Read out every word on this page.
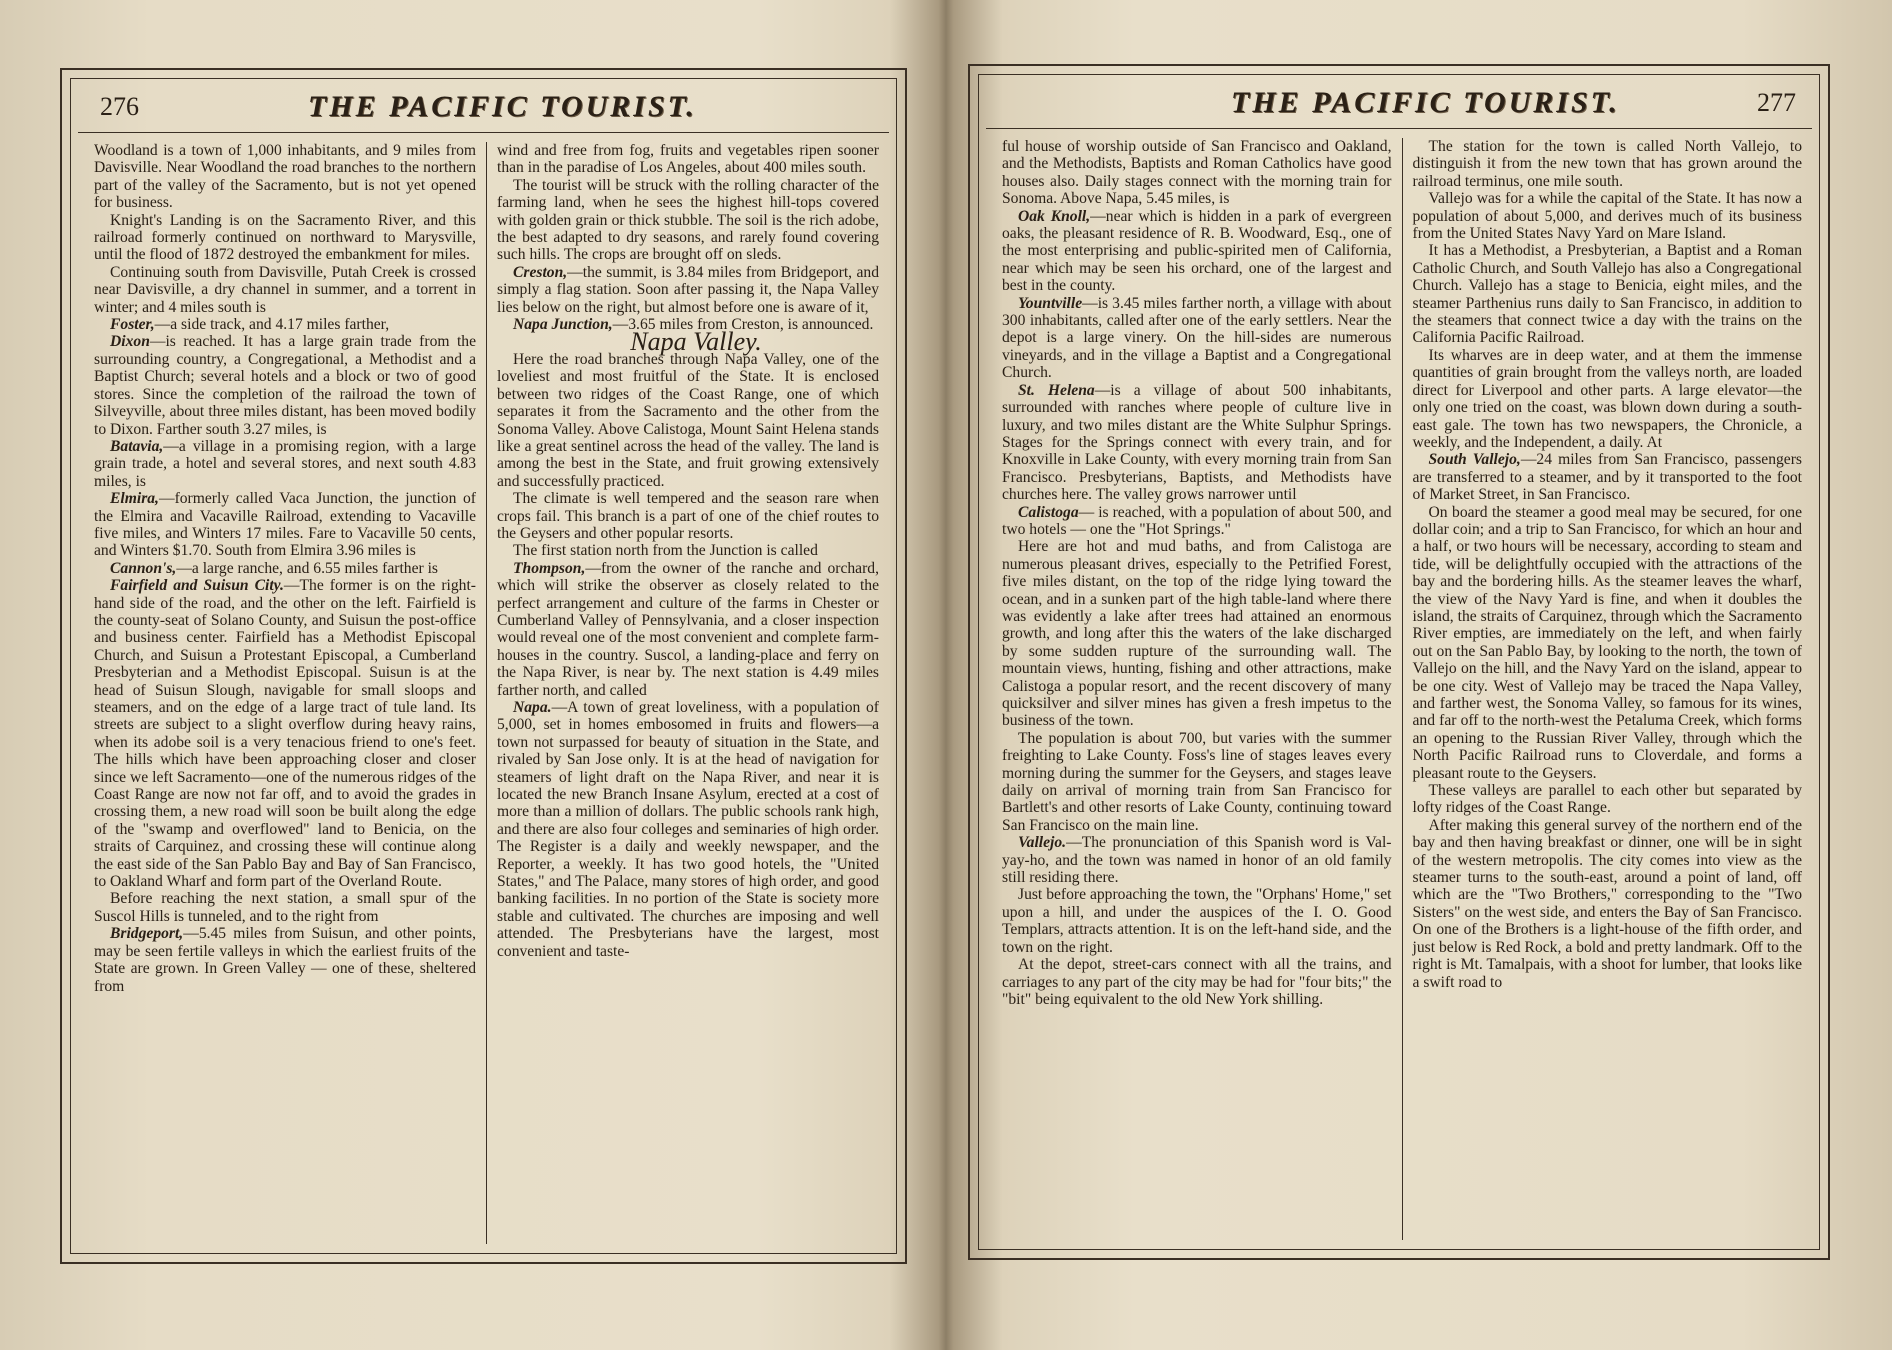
276	THE PACIFIC TOURIST.

Woodland is a town of 1,000 inhabitants, and 9 miles from Davisville. Near Woodland the road branches to the northern part of the valley of the Sacramento, but is not yet opened for business.

Knight's Landing is on the Sacramento River, and this railroad formerly continued on northward to Marysville, until the flood of 1872 destroyed the embankment for miles.

Continuing south from Davisville, Putah Creek is crossed near Davisville, a dry channel in summer, and a torrent in winter; and 4 miles south is

Foster,—a side track, and 4.17 miles farther,

Dixon—is reached. It has a large grain trade from the surrounding country, a Congregational, a Methodist and a Baptist Church; several hotels and a block or two of good stores. Since the completion of the railroad the town of Silveyville, about three miles distant, has been moved bodily to Dixon. Farther south 3.27 miles, is

Batavia,—a village in a promising region, with a large grain trade, a hotel and several stores, and next south 4.83 miles, is

Elmira,—formerly called Vaca Junction, the junction of the Elmira and Vacaville Railroad, extending to Vacaville five miles, and Winters 17 miles. Fare to Vacaville 50 cents, and Winters $1.70. South from Elmira 3.96 miles is

Cannon's,—a large ranche, and 6.55 miles farther is

Fairfield and Suisun City.—The former is on the right-hand side of the road, and the other on the left. Fairfield is the county-seat of Solano County, and Suisun the post-office and business center. Fairfield has a Methodist Episcopal Church, and Suisun a Protestant Episcopal, a Cumberland Presbyterian and a Methodist Episcopal. Suisun is at the head of Suisun Slough, navigable for small sloops and steamers, and on the edge of a large tract of tule land. Its streets are subject to a slight overflow during heavy rains, when its adobe soil is a very tenacious friend to one's feet. The hills which have been approaching closer and closer since we left Sacramento—one of the numerous ridges of the Coast Range are now not far off, and to avoid the grades in crossing them, a new road will soon be built along the edge of the "swamp and overflowed" land to Benicia, on the straits of Carquinez, and crossing these will continue along the east side of the San Pablo Bay and Bay of San Francisco, to Oakland Wharf and form part of the Overland Route.

Before reaching the next station, a small spur of the Suscol Hills is tunneled, and to the right from

Bridgeport,—5.45 miles from Suisun, and other points, may be seen fertile valleys in which the earliest fruits of the State are grown. In Green Valley — one of these, sheltered from

wind and free from fog, fruits and vegetables ripen sooner than in the paradise of Los Angeles, about 400 miles south.

The tourist will be struck with the rolling character of the farming land, when he sees the highest hill-tops covered with golden grain or thick stubble. The soil is the rich adobe, the best adapted to dry seasons, and rarely found covering such hills. The crops are brought off on sleds.

Creston,—the summit, is 3.84 miles from Bridgeport, and simply a flag station. Soon after passing it, the Napa Valley lies below on the right, but almost before one is aware of it,

Napa Junction,—3.65 miles from Creston, is announced.

Napa Valley.

Here the road branches through Napa Valley, one of the loveliest and most fruitful of the State. It is enclosed between two ridges of the Coast Range, one of which separates it from the Sacramento and the other from the Sonoma Valley. Above Calistoga, Mount Saint Helena stands like a great sentinel across the head of the valley. The land is among the best in the State, and fruit growing extensively and successfully practiced.

The climate is well tempered and the season rare when crops fail. This branch is a part of one of the chief routes to the Geysers and other popular resorts.

The first station north from the Junction is called

Thompson,—from the owner of the ranche and orchard, which will strike the observer as closely related to the perfect arrangement and culture of the farms in Chester or Cumberland Valley of Pennsylvania, and a closer inspection would reveal one of the most convenient and complete farm-houses in the country. Suscol, a landing-place and ferry on the Napa River, is near by. The next station is 4.49 miles farther north, and called

Napa.—A town of great loveliness, with a population of 5,000, set in homes embosomed in fruits and flowers—a town not surpassed for beauty of situation in the State, and rivaled by San Jose only. It is at the head of navigation for steamers of light draft on the Napa River, and near it is located the new Branch Insane Asylum, erected at a cost of more than a million of dollars. The public schools rank high, and there are also four colleges and seminaries of high order. The Register is a daily and weekly newspaper, and the Reporter, a weekly. It has two good hotels, the "United States," and The Palace, many stores of high order, and good banking facilities. In no portion of the State is society more stable and cultivated. The churches are imposing and well attended. The Presbyterians have the largest, most convenient and taste-

THE PACIFIC TOURIST.	277

ful house of worship outside of San Francisco and Oakland, and the Methodists, Baptists and Roman Catholics have good houses also. Daily stages connect with the morning train for Sonoma. Above Napa, 5.45 miles, is

Oak Knoll,—near which is hidden in a park of evergreen oaks, the pleasant residence of R. B. Woodward, Esq., one of the most enterprising and public-spirited men of California, near which may be seen his orchard, one of the largest and best in the county.

Yountville—is 3.45 miles farther north, a village with about 300 inhabitants, called after one of the early settlers. Near the depot is a large vinery. On the hill-sides are numerous vineyards, and in the village a Baptist and a Congregational Church.

St. Helena—is a village of about 500 inhabitants, surrounded with ranches where people of culture live in luxury, and two miles distant are the White Sulphur Springs. Stages for the Springs connect with every train, and for Knoxville in Lake County, with every morning train from San Francisco. Presbyterians, Baptists, and Methodists have churches here. The valley grows narrower until

Calistoga— is reached, with a population of about 500, and two hotels — one the "Hot Springs."

Here are hot and mud baths, and from Calistoga are numerous pleasant drives, especially to the Petrified Forest, five miles distant, on the top of the ridge lying toward the ocean, and in a sunken part of the high table-land where there was evidently a lake after trees had attained an enormous growth, and long after this the waters of the lake discharged by some sudden rupture of the surrounding wall. The mountain views, hunting, fishing and other attractions, make Calistoga a popular resort, and the recent discovery of many quicksilver and silver mines has given a fresh impetus to the business of the town.

The population is about 700, but varies with the summer freighting to Lake County. Foss's line of stages leaves every morning during the summer for the Geysers, and stages leave daily on arrival of morning train from San Francisco for Bartlett's and other resorts of Lake County, continuing toward San Francisco on the main line.

Vallejo.—The pronunciation of this Spanish word is Val-yay-ho, and the town was named in honor of an old family still residing there.

Just before approaching the town, the "Orphans' Home," set upon a hill, and under the auspices of the I. O. Good Templars, attracts attention. It is on the left-hand side, and the town on the right.

At the depot, street-cars connect with all the trains, and carriages to any part of the city may be had for "four bits;" the "bit" being equivalent to the old New York shilling.

The station for the town is called North Vallejo, to distinguish it from the new town that has grown around the railroad terminus, one mile south.

Vallejo was for a while the capital of the State. It has now a population of about 5,000, and derives much of its business from the United States Navy Yard on Mare Island.

It has a Methodist, a Presbyterian, a Baptist and a Roman Catholic Church, and South Vallejo has also a Congregational Church. Vallejo has a stage to Benicia, eight miles, and the steamer Parthenius runs daily to San Francisco, in addition to the steamers that connect twice a day with the trains on the California Pacific Railroad.

Its wharves are in deep water, and at them the immense quantities of grain brought from the valleys north, are loaded direct for Liverpool and other parts. A large elevator—the only one tried on the coast, was blown down during a south-east gale. The town has two newspapers, the Chronicle, a weekly, and the Independent, a daily. At

South Vallejo,—24 miles from San Francisco, passengers are transferred to a steamer, and by it transported to the foot of Market Street, in San Francisco.

On board the steamer a good meal may be secured, for one dollar coin; and a trip to San Francisco, for which an hour and a half, or two hours will be necessary, according to steam and tide, will be delightfully occupied with the attractions of the bay and the bordering hills. As the steamer leaves the wharf, the view of the Navy Yard is fine, and when it doubles the island, the straits of Carquinez, through which the Sacramento River empties, are immediately on the left, and when fairly out on the San Pablo Bay, by looking to the north, the town of Vallejo on the hill, and the Navy Yard on the island, appear to be one city. West of Vallejo may be traced the Napa Valley, and farther west, the Sonoma Valley, so famous for its wines, and far off to the north-west the Petaluma Creek, which forms an opening to the Russian River Valley, through which the North Pacific Railroad runs to Cloverdale, and forms a pleasant route to the Geysers.

These valleys are parallel to each other but separated by lofty ridges of the Coast Range.

After making this general survey of the northern end of the bay and then having breakfast or dinner, one will be in sight of the western metropolis. The city comes into view as the steamer turns to the south-east, around a point of land, off which are the "Two Brothers," corresponding to the "Two Sisters" on the west side, and enters the Bay of San Francisco. On one of the Brothers is a light-house of the fifth order, and just below is Red Rock, a bold and pretty landmark. Off to the right is Mt. Tamalpais, with a shoot for lumber, that looks like a swift road to
